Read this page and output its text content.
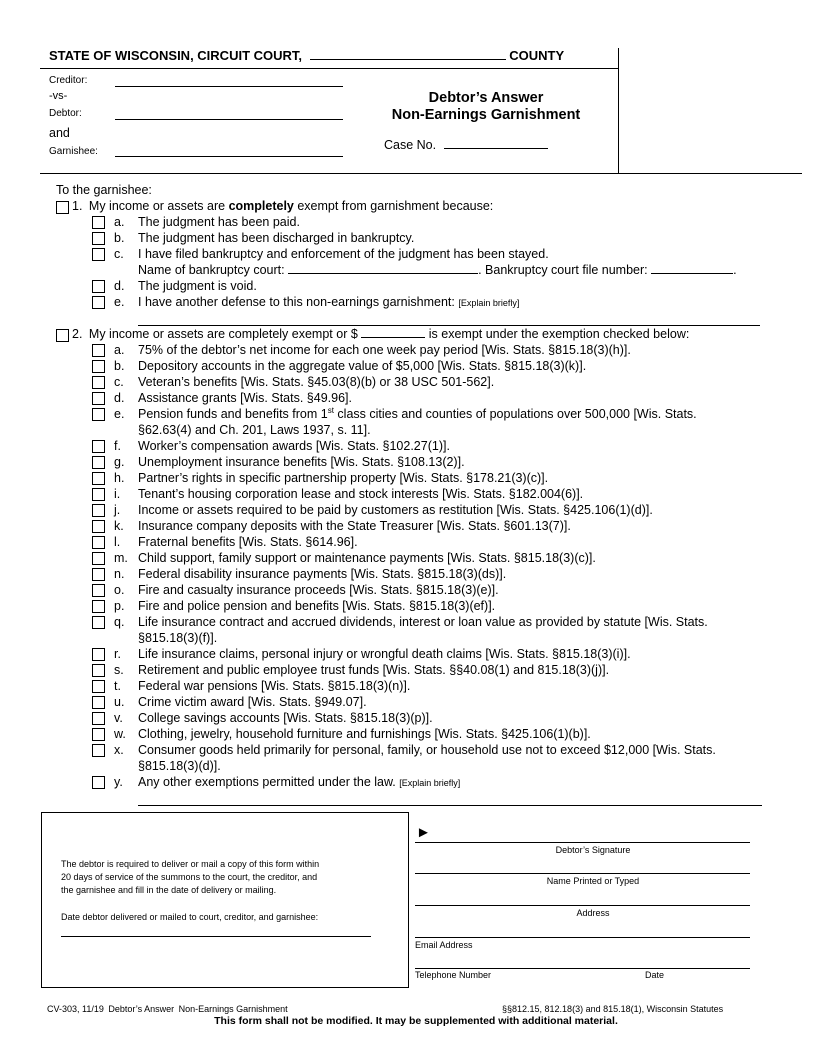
STATE OF WISCONSIN, CIRCUIT COURT,	COUNTY
Creditor:
-vs-
Debtor:
and
Garnishee:
Debtor’s Answer
Non-Earnings Garnishment
Case No.
To the garnishee:
1. My income or assets are completely exempt from garnishment because:
a. The judgment has been paid.
b. The judgment has been discharged in bankruptcy.
c. I have filed bankruptcy and enforcement of the judgment has been stayed.
Name of bankruptcy court:	. Bankruptcy court file number:	.
d. The judgment is void.
e. I have another defense to this non-earnings garnishment: [Explain briefly]
2. My income or assets are completely exempt or $	is exempt under the exemption checked below:
a. 75% of the debtor’s net income for each one week pay period [Wis. Stats. §815.18(3)(h)].
b. Depository accounts in the aggregate value of $5,000 [Wis. Stats. §815.18(3)(k)].
c. Veteran’s benefits [Wis. Stats. §45.03(8)(b) or 38 USC 501-562].
d. Assistance grants [Wis. Stats. §49.96].
e. Pension funds and benefits from 1st class cities and counties of populations over 500,000 [Wis. Stats.
§62.63(4) and Ch. 201, Laws 1937, s. 11].
f. Worker’s compensation awards [Wis. Stats. §102.27(1)].
g. Unemployment insurance benefits [Wis. Stats. §108.13(2)].
h. Partner’s rights in specific partnership property [Wis. Stats. §178.21(3)(c)].
i. Tenant’s housing corporation lease and stock interests [Wis. Stats. §182.004(6)].
j. Income or assets required to be paid by customers as restitution [Wis. Stats. §425.106(1)(d)].
k. Insurance company deposits with the State Treasurer [Wis. Stats. §601.13(7)].
l. Fraternal benefits [Wis. Stats. §614.96].
m. Child support, family support or maintenance payments [Wis. Stats. §815.18(3)(c)].
n. Federal disability insurance payments [Wis. Stats. §815.18(3)(ds)].
o. Fire and casualty insurance proceeds [Wis. Stats. §815.18(3)(e)].
p. Fire and police pension and benefits [Wis. Stats. §815.18(3)(ef)].
q. Life insurance contract and accrued dividends, interest or loan value as provided by statute [Wis. Stats.
§815.18(3)(f)].
r. Life insurance claims, personal injury or wrongful death claims [Wis. Stats. §815.18(3)(i)].
s. Retirement and public employee trust funds [Wis. Stats. §§40.08(1) and 815.18(3)(j)].
t. Federal war pensions [Wis. Stats. §815.18(3)(n)].
u. Crime victim award [Wis. Stats. §949.07].
v. College savings accounts [Wis. Stats. §815.18(3)(p)].
w. Clothing, jewelry, household furniture and furnishings [Wis. Stats. §425.106(1)(b)].
x. Consumer goods held primarily for personal, family, or household use not to exceed $12,000 [Wis. Stats.
§815.18(3)(d)].
y. Any other exemptions permitted under the law. [Explain briefly]
The debtor is required to deliver or mail a copy of this form within
20 days of service of the summons to the court, the creditor, and
the garnishee and fill in the date of delivery or mailing.
Date debtor delivered or mailed to court, creditor, and garnishee:
►
Debtor’s Signature
Name Printed or Typed
Address
Email Address
Telephone Number	Date
CV-303, 11/19 Debtor’s Answer Non-Earnings Garnishment	§§812.15, 812.18(3) and 815.18(1), Wisconsin Statutes
This form shall not be modified. It may be supplemented with additional material.
